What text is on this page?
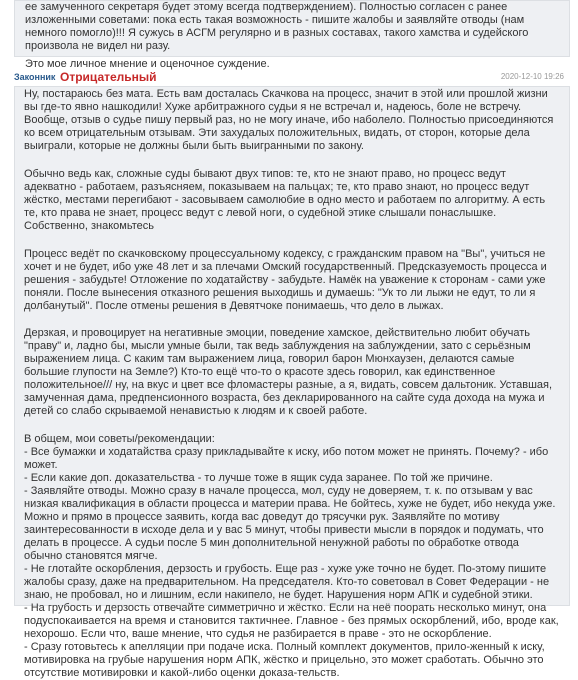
ее замученного секретаря будет этому всегда подтверждением). Полностью согласен с ранее изложенными советами: пока есть такая возможность - пишите жалобы и заявляйте отводы (нам немного помогло)!!! Я сужусь в АСГМ регулярно и в разных составах, такого хамства и судейского произвола не видел ни разу.

Это мое личное мнение и оценочное суждение.

Законник Отрицательный	2020-12-10 19:26

Ну, постараюсь без мата. Есть вам досталась Скачкова на процесс, значит в этой или прошлой жизни вы где-то явно нашкодили! Хуже арбитражного судьи я не встречал и, надеюсь, боле не встречу. Вообще, отзыв о судье пишу первый раз, но не могу иначе, ибо наболело. Полностью присоединяются ко всем отрицательным отзывам. Эти захудалых положительных, видать, от сторон, которые дела выиграли, которые не должны были быть выигранными по закону.

Обычно ведь как, сложные суды бывают двух типов: те, кто не знают право, но процесс ведут адекватно - работаем, разъясняем, показываем на пальцах; те, кто право знают, но процесс ведут жёстко, местами перегибают - засовываем самолюбие в одно место и работаем по алгоритму. А есть те, кто права не знает, процесс ведут с левой ноги, о судебной этике слышали понаслышке. Собственно, знакомьтесь

Процесс ведёт по скачковскому процессуальному кодексу, с гражданским правом на "Вы", учиться не хочет и не будет, ибо уже 48 лет и за плечами Омский государственный. Предсказуемость процесса и решения - забудьте! Отложение по ходатайству - забудьте. Намёк на уважение к сторонам - сами уже поняли. После вынесения отказного решения выходишь и думаешь: "Ук то ли лыжи не едут, то ли я долбанутый". После отмены решения в Девятчоке понимаешь, что дело в лыжах.

Дерзкая, и провоцирует на негативные эмоции, поведение хамское, действительно любит обучать "праву" и, ладно бы, мысли умные были, так ведь заблуждения на заблуждении, зато с серьёзным выражением лица. С каким там выражением лица, говорил барон Мюнхаузен, делаются самые большие глупости на Земле?) Кто-то ещё что-то о красоте здесь говорил, как единственное положительное/// ну, на вкус и цвет все фломастеры разные, а я, видать, совсем дальтоник. Уставшая, замученная дама, предпенсионного возраста, без декларированного на сайте суда дохода на мужа и детей со слабо скрываемой ненавистью к людям и к своей работе.

В общем, мои советы/рекомендации:
- Все бумажки и ходатайства сразу прикладывайте к иску, ибо потом может не принять. Почему? - ибо может.
- Если какие доп. доказательства - то лучше тоже в ящик суда заранее. По той же причине.
- Заявляйте отводы. Можно сразу в начале процесса, мол, суду не доверяем, т. к. по отзывам у вас низкая квалификация в области процесса и материи права. Не бойтесь, хуже не будет, ибо некуда уже. Можно и прямо в процессе заявить, когда вас доведут до трясучки рук. Заявляйте по мотиву заинтересованности в исходе дела и у вас 5 минут, чтобы привести мысли в порядок и подумать, что делать в процессе. А судьи после 5 мин дополнительной ненужной работы по обработке отвода обычно становятся мягче.
- Не глотайте оскорбления, дерзость и грубость. Еще раз - хуже уже точно не будет. По-этому пишите жалобы сразу, даже на предварительном. На председателя. Кто-то советовал в Совет Федерации - не знаю, не пробовал, но и лишним, если накипело, не будет. Нарушения норм АПК и судебной этики.
- На грубость и дерзость отвечайте симметрично и жёстко. Если на неё поорать несколько минут, она подуспокаивается на время и становится тактичнее. Главное - без прямых оскорблений, ибо, вроде как, нехорошо. Если что, ваше мнение, что судья не разбирается в праве - это не оскорбление.
- Сразу готовьтесь к апелляции при подаче иска. Полный комплект документов, прило-женный к иску, мотивировка на грубые нарушения норм АПК, жёстко и прицельно, это может сработать. Обычно это отсутствие мотивировки и какой-либо оценки доказа-тельств.
